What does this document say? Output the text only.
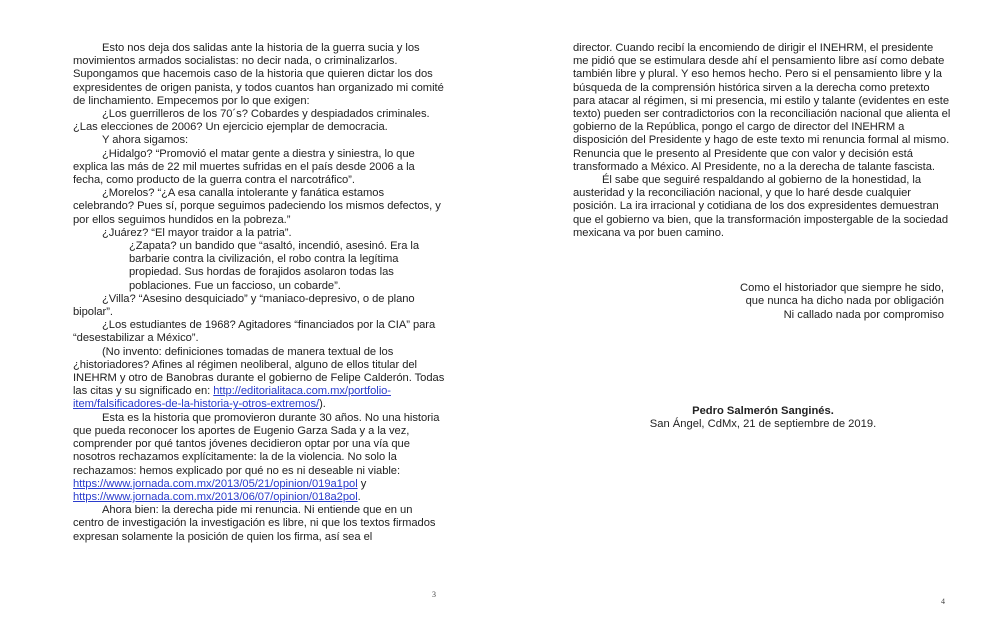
Esto nos deja dos salidas ante la historia de la guerra sucia y los movimientos armados socialistas: no decir nada, o criminalizarlos. Supongamos que hacemois caso de la historia que quieren dictar los dos expresidentes de origen panista, y todos cuantos han organizado mi comité de linchamiento. Empecemos por lo que exigen:

¿Los guerrilleros de los 70´s? Cobardes y despiadados criminales. ¿Las elecciones de 2006? Un ejercicio ejemplar de democracia.

Y ahora sigamos:

¿Hidalgo? “Promovió el matar gente a diestra y siniestra, lo que explica las más de 22 mil muertes sufridas en el país desde 2006 a la fecha, como producto de la guerra contra el narcotráfico”.

¿Morelos? “¿A esa canalla intolerante y fanática estamos celebrando? Pues sí, porque seguimos padeciendo los mismos defectos, y por ellos seguimos hundidos en la pobreza.”

¿Juárez? “El mayor traidor a la patria”.

¿Zapata? un bandido que “asaltó, incendió, asesinó. Era la barbarie contra la civilización, el robo contra la legítima propiedad. Sus hordas de forajidos asolaron todas las poblaciones. Fue un faccioso, un cobarde”.

¿Villa? “Asesino desquiciado” y “maniaco-depresivo, o de plano bipolar”.

¿Los estudiantes de 1968? Agitadores “financiados por la CIA” para “desestabilizar a México”.

(No invento: definiciones tomadas de manera textual de los ¿historiadores? Afines al régimen neoliberal, alguno de ellos titular del INEHRM y otro de Banobras durante el gobierno de Felipe Calderón. Todas las citas y su significado en: http://editorialitaca.com.mx/portfolio-item/falsificadores-de-la-historia-y-otros-extremos/).

Esta es la historia que promovieron durante 30 años. No una historia que pueda reconocer los aportes de Eugenio Garza Sada y a la vez, comprender por qué tantos jóvenes decidieron optar por una vía que nosotros rechazamos explícitamente: la de la violencia. No solo la rechazamos: hemos explicado por qué no es ni deseable ni viable: https://www.jornada.com.mx/2013/05/21/opinion/019a1pol y https://www.jornada.com.mx/2013/06/07/opinion/018a2pol.

Ahora bien: la derecha pide mi renuncia. Ni entiende que en un centro de investigación la investigación es libre, ni que los textos firmados expresan solamente la posición de quien los firma, así sea el

3

director. Cuando recibí la encomiendo de dirigir el INEHRM, el presidente me pidió que se estimulara desde ahí el pensamiento libre así como debate también libre y plural. Y eso hemos hecho. Pero si el pensamiento libre y la búsqueda de la comprensión histórica sirven a la derecha como pretexto para atacar al régimen, si mi presencia, mi estilo y talante (evidentes en este texto) pueden ser contradictorios con la reconciliación nacional que alienta el gobierno de la República, pongo el cargo de director del INEHRM a disposición del Presidente y hago de este texto mi renuncia formal al mismo. Renuncia que le presento al Presidente que con valor y decisión está transformado a México. Al Presidente, no a la derecha de talante fascista.

Él sabe que seguiré respaldando al gobierno de la honestidad, la austeridad y la reconciliación nacional, y que lo haré desde cualquier posición. La ira irracional y cotidiana de los dos expresidentes demuestran que el gobierno va bien, que la transformación impostergable de la sociedad mexicana va por buen camino.

Como el historiador que siempre he sido,
que nunca ha dicho nada por obligación
Ni callado nada por compromiso
Pedro Salmerón Sanginés.
San Ángel, CdMx, 21 de septiembre de 2019.
4
